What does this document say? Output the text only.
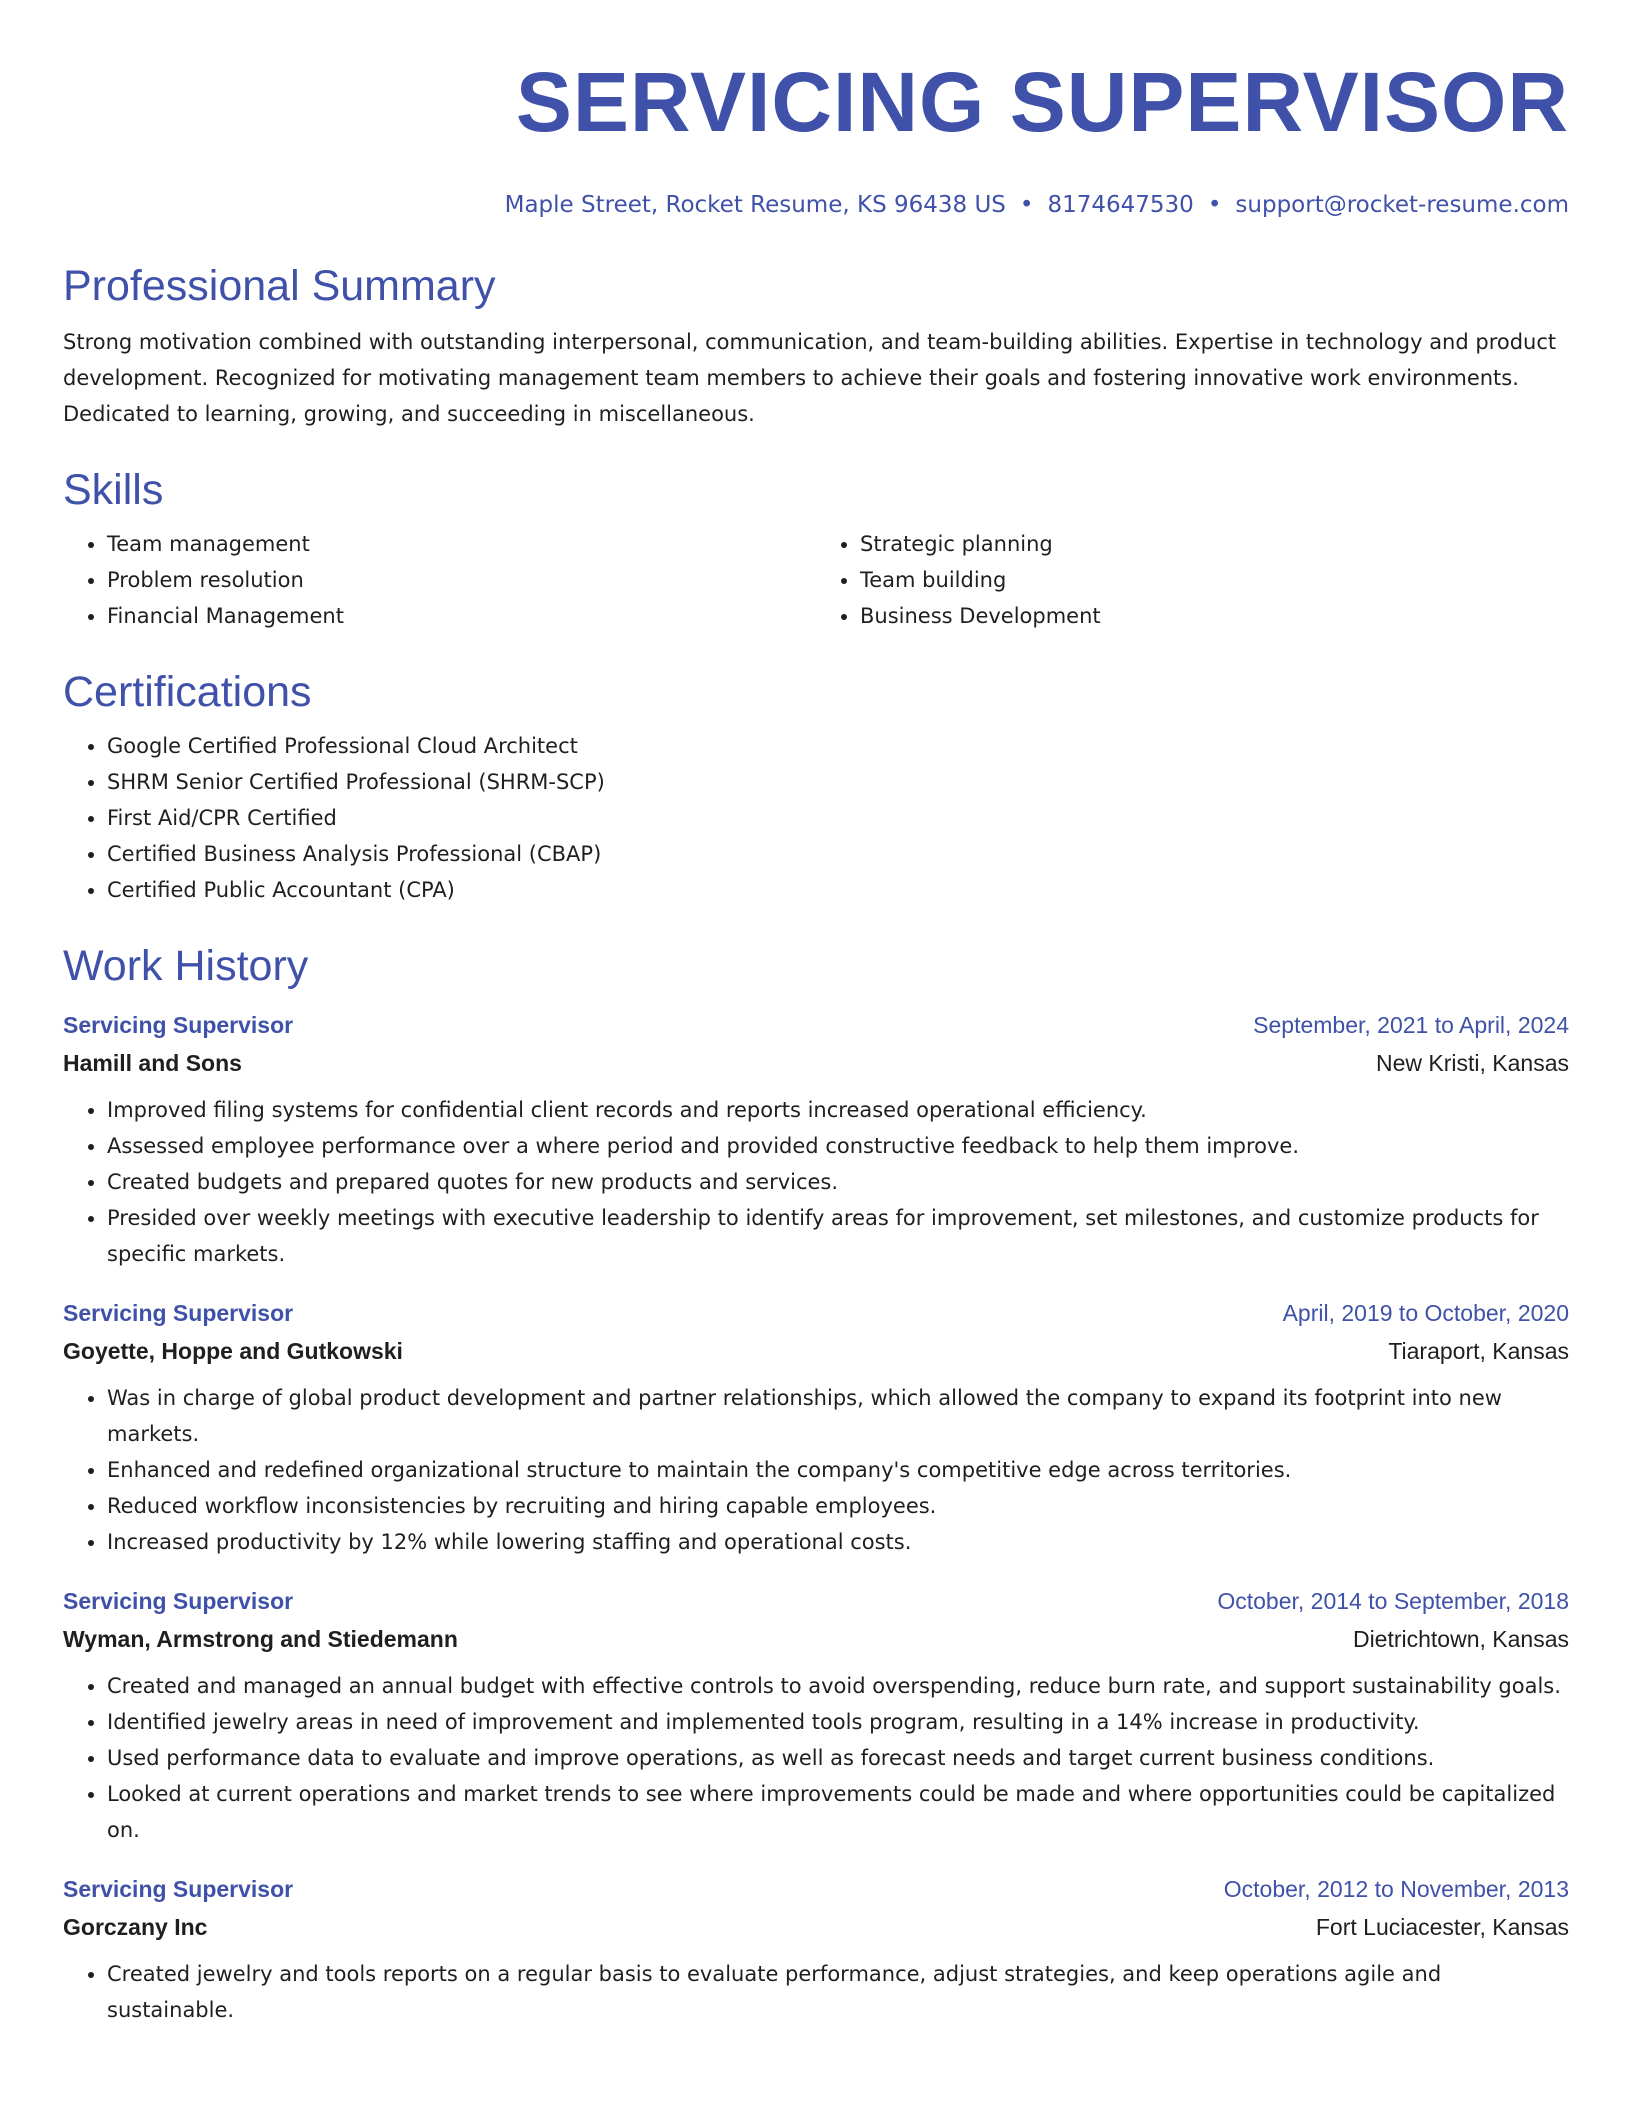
SERVICING SUPERVISOR
Maple Street, Rocket Resume, KS 96438 US • 8174647530 • support@rocket-resume.com
Professional Summary

Strong motivation combined with outstanding interpersonal, communication, and team-building abilities. Expertise in technology and product development. Recognized for motivating management team members to achieve their goals and fostering innovative work environments. Dedicated to learning, growing, and succeeding in miscellaneous.

Skills
• Team management
• Problem resolution
• Financial Management
• Strategic planning
• Team building
• Business Development
Certifications
• Google Certified Professional Cloud Architect
• SHRM Senior Certified Professional (SHRM-SCP)
• First Aid/CPR Certified
• Certified Business Analysis Professional (CBAP)
• Certified Public Accountant (CPA)
Work History
Servicing Supervisor	September, 2021 to April, 2024
Hamill and Sons	New Kristi, Kansas
• Improved filing systems for confidential client records and reports increased operational efficiency.
• Assessed employee performance over a where period and provided constructive feedback to help them improve.
• Created budgets and prepared quotes for new products and services.
• Presided over weekly meetings with executive leadership to identify areas for improvement, set milestones, and customize products for specific markets.
Servicing Supervisor	April, 2019 to October, 2020
Goyette, Hoppe and Gutkowski	Tiaraport, Kansas
• Was in charge of global product development and partner relationships, which allowed the company to expand its footprint into new markets.
• Enhanced and redefined organizational structure to maintain the company's competitive edge across territories.
• Reduced workflow inconsistencies by recruiting and hiring capable employees.
• Increased productivity by 12% while lowering staffing and operational costs.
Servicing Supervisor	October, 2014 to September, 2018
Wyman, Armstrong and Stiedemann	Dietrichtown, Kansas
• Created and managed an annual budget with effective controls to avoid overspending, reduce burn rate, and support sustainability goals.
• Identified jewelry areas in need of improvement and implemented tools program, resulting in a 14% increase in productivity.
• Used performance data to evaluate and improve operations, as well as forecast needs and target current business conditions.
• Looked at current operations and market trends to see where improvements could be made and where opportunities could be capitalized on.
Servicing Supervisor	October, 2012 to November, 2013
Gorczany Inc	Fort Luciacester, Kansas
• Created jewelry and tools reports on a regular basis to evaluate performance, adjust strategies, and keep operations agile and sustainable.
